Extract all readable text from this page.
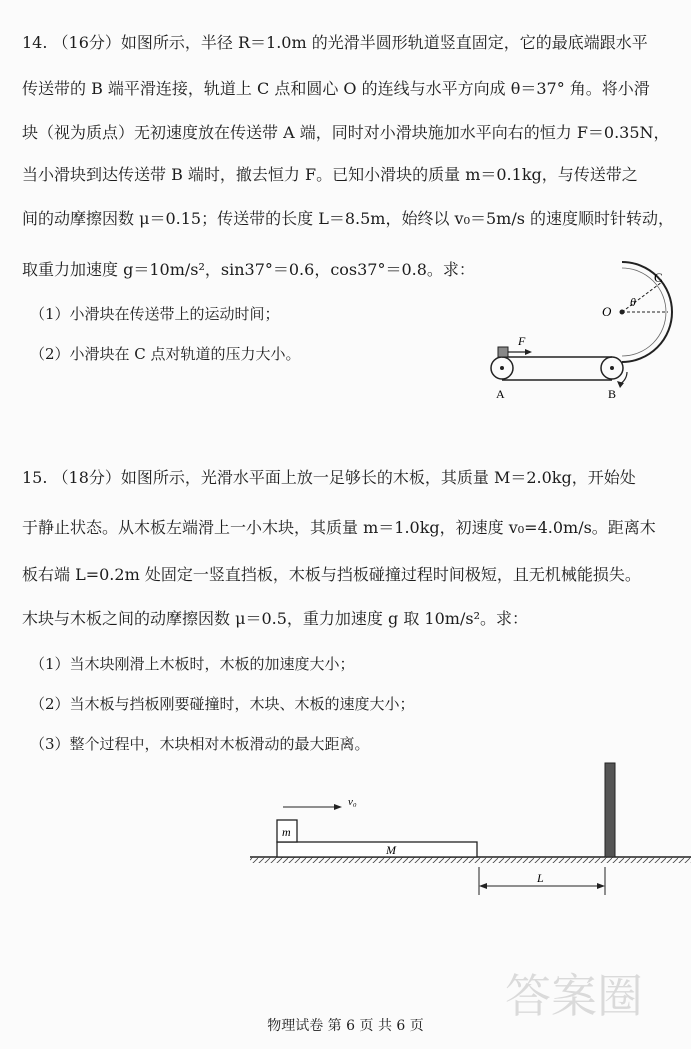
14. （16分）如图所示，半径 R＝1.0m 的光滑半圆形轨道竖直固定，它的最底端跟水平
传送带的 B 端平滑连接，轨道上 C 点和圆心 O 的连线与水平方向成 θ＝37° 角。将小滑
块（视为质点）无初速度放在传送带 A 端，同时对小滑块施加水平向右的恒力 F＝0.35N，
当小滑块到达传送带 B 端时，撤去恒力 F。已知小滑块的质量 m＝0.1kg，与传送带之
间的动摩擦因数 μ＝0.15；传送带的长度 L＝8.5m，始终以 v₀＝5m/s 的速度顺时针转动，
取重力加速度 g＝10m/s²，sin37°＝0.6，cos37°＝0.8。求：
（1）小滑块在传送带上的运动时间；
（2）小滑块在 C 点对轨道的压力大小。
C
O
θ
F
A	B
15. （18分）如图所示，光滑水平面上放一足够长的木板，其质量 M＝2.0kg，开始处
于静止状态。从木板左端滑上一小木块，其质量 m＝1.0kg，初速度 v₀=4.0m/s。距离木
板右端 L=0.2m 处固定一竖直挡板，木板与挡板碰撞过程时间极短，且无机械能损失。
木块与木板之间的动摩擦因数 μ＝0.5，重力加速度 g 取 10m/s²。求：
（1）当木块刚滑上木板时，木板的加速度大小；
（2）当木板与挡板刚要碰撞时，木块、木板的速度大小；
（3）整个过程中，木块相对木板滑动的最大距离。
M
m
v₀
L
答案圈
物理试卷 第 6 页 共 6 页
